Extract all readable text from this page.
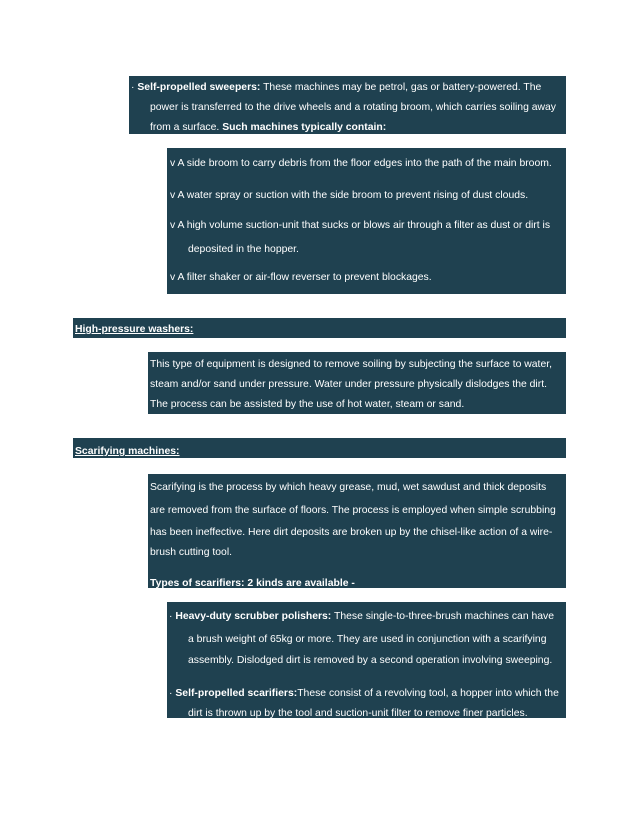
· Self-propelled sweepers: These machines may be petrol, gas or battery-powered. The
power is transferred to the drive wheels and a rotating broom, which carries soiling away
from a surface. Such machines typically contain:
v A side broom to carry debris from the floor edges into the path of the main broom.
v A water spray or suction with the side broom to prevent rising of dust clouds.
v A high volume suction-unit that sucks or blows air through a filter as dust or dirt is
deposited in the hopper.
v A filter shaker or air-flow reverser to prevent blockages.
High-pressure washers:
This type of equipment is designed to remove soiling by subjecting the surface to water,
steam and/or sand under pressure. Water under pressure physically dislodges the dirt.
The process can be assisted by the use of hot water, steam or sand.
Scarifying machines:
Scarifying is the process by which heavy grease, mud, wet sawdust and thick deposits
are removed from the surface of floors. The process is employed when simple scrubbing
has been ineffective. Here dirt deposits are broken up by the chisel-like action of a wire-
brush cutting tool.
Types of scarifiers: 2 kinds are available -
· Heavy-duty scrubber polishers: These single-to-three-brush machines can have
a brush weight of 65kg or more. They are used in conjunction with a scarifying
assembly. Dislodged dirt is removed by a second operation involving sweeping.
· Self-propelled scarifiers:These consist of a revolving tool, a hopper into which the
dirt is thrown up by the tool and suction-unit filter to remove finer particles.
